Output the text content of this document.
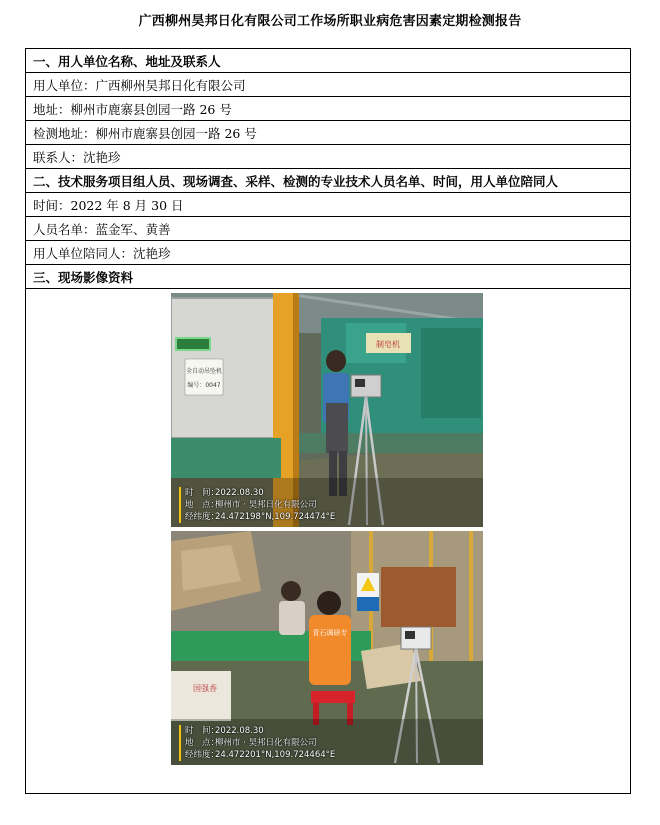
广西柳州昊邦日化有限公司工作场所职业病危害因素定期检测报告
一、用人单位名称、地址及联系人
用人单位：广西柳州昊邦日化有限公司
地址：柳州市鹿寨县创园一路 26 号
检测地址：柳州市鹿寨县创园一路 26 号
联系人：沈艳珍
二、技术服务项目组人员、现场调查、采样、检测的专业技术人员名单、时间，用人单位陪同人
时间：2022 年 8 月 30 日
人员名单：蓝金军、黄善
用人单位陪同人：沈艳珍
三、现场影像资料

制皂机
全自动吊坠机
编号：0047
时　间：2022.08.30
地　点：柳州市 · 昊邦日化有限公司
经纬度：24.472198°N,109.724474°E
青石调研专
国强香
时　间：2022.08.30
地　点：柳州市 · 昊邦日化有限公司
经纬度：24.472201°N,109.724464°E
